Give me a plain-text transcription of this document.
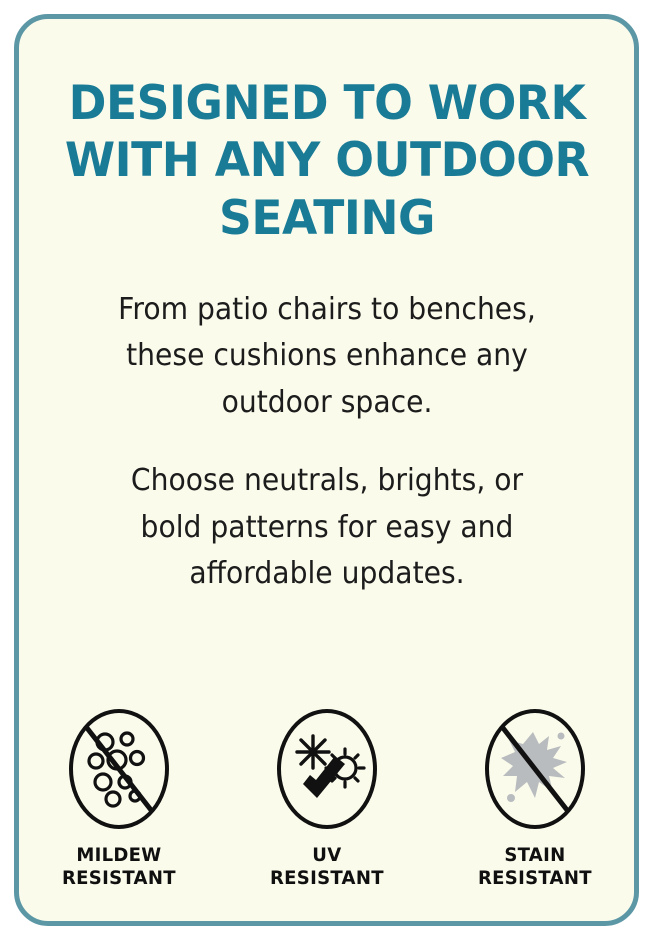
DESIGNED TO WORK WITH ANY OUTDOOR SEATING

From patio chairs to benches, these cushions enhance any outdoor space.

Choose neutrals, brights, or bold patterns for easy and affordable updates.

MILDEW
RESISTANT
UV
RESISTANT
STAIN
RESISTANT
